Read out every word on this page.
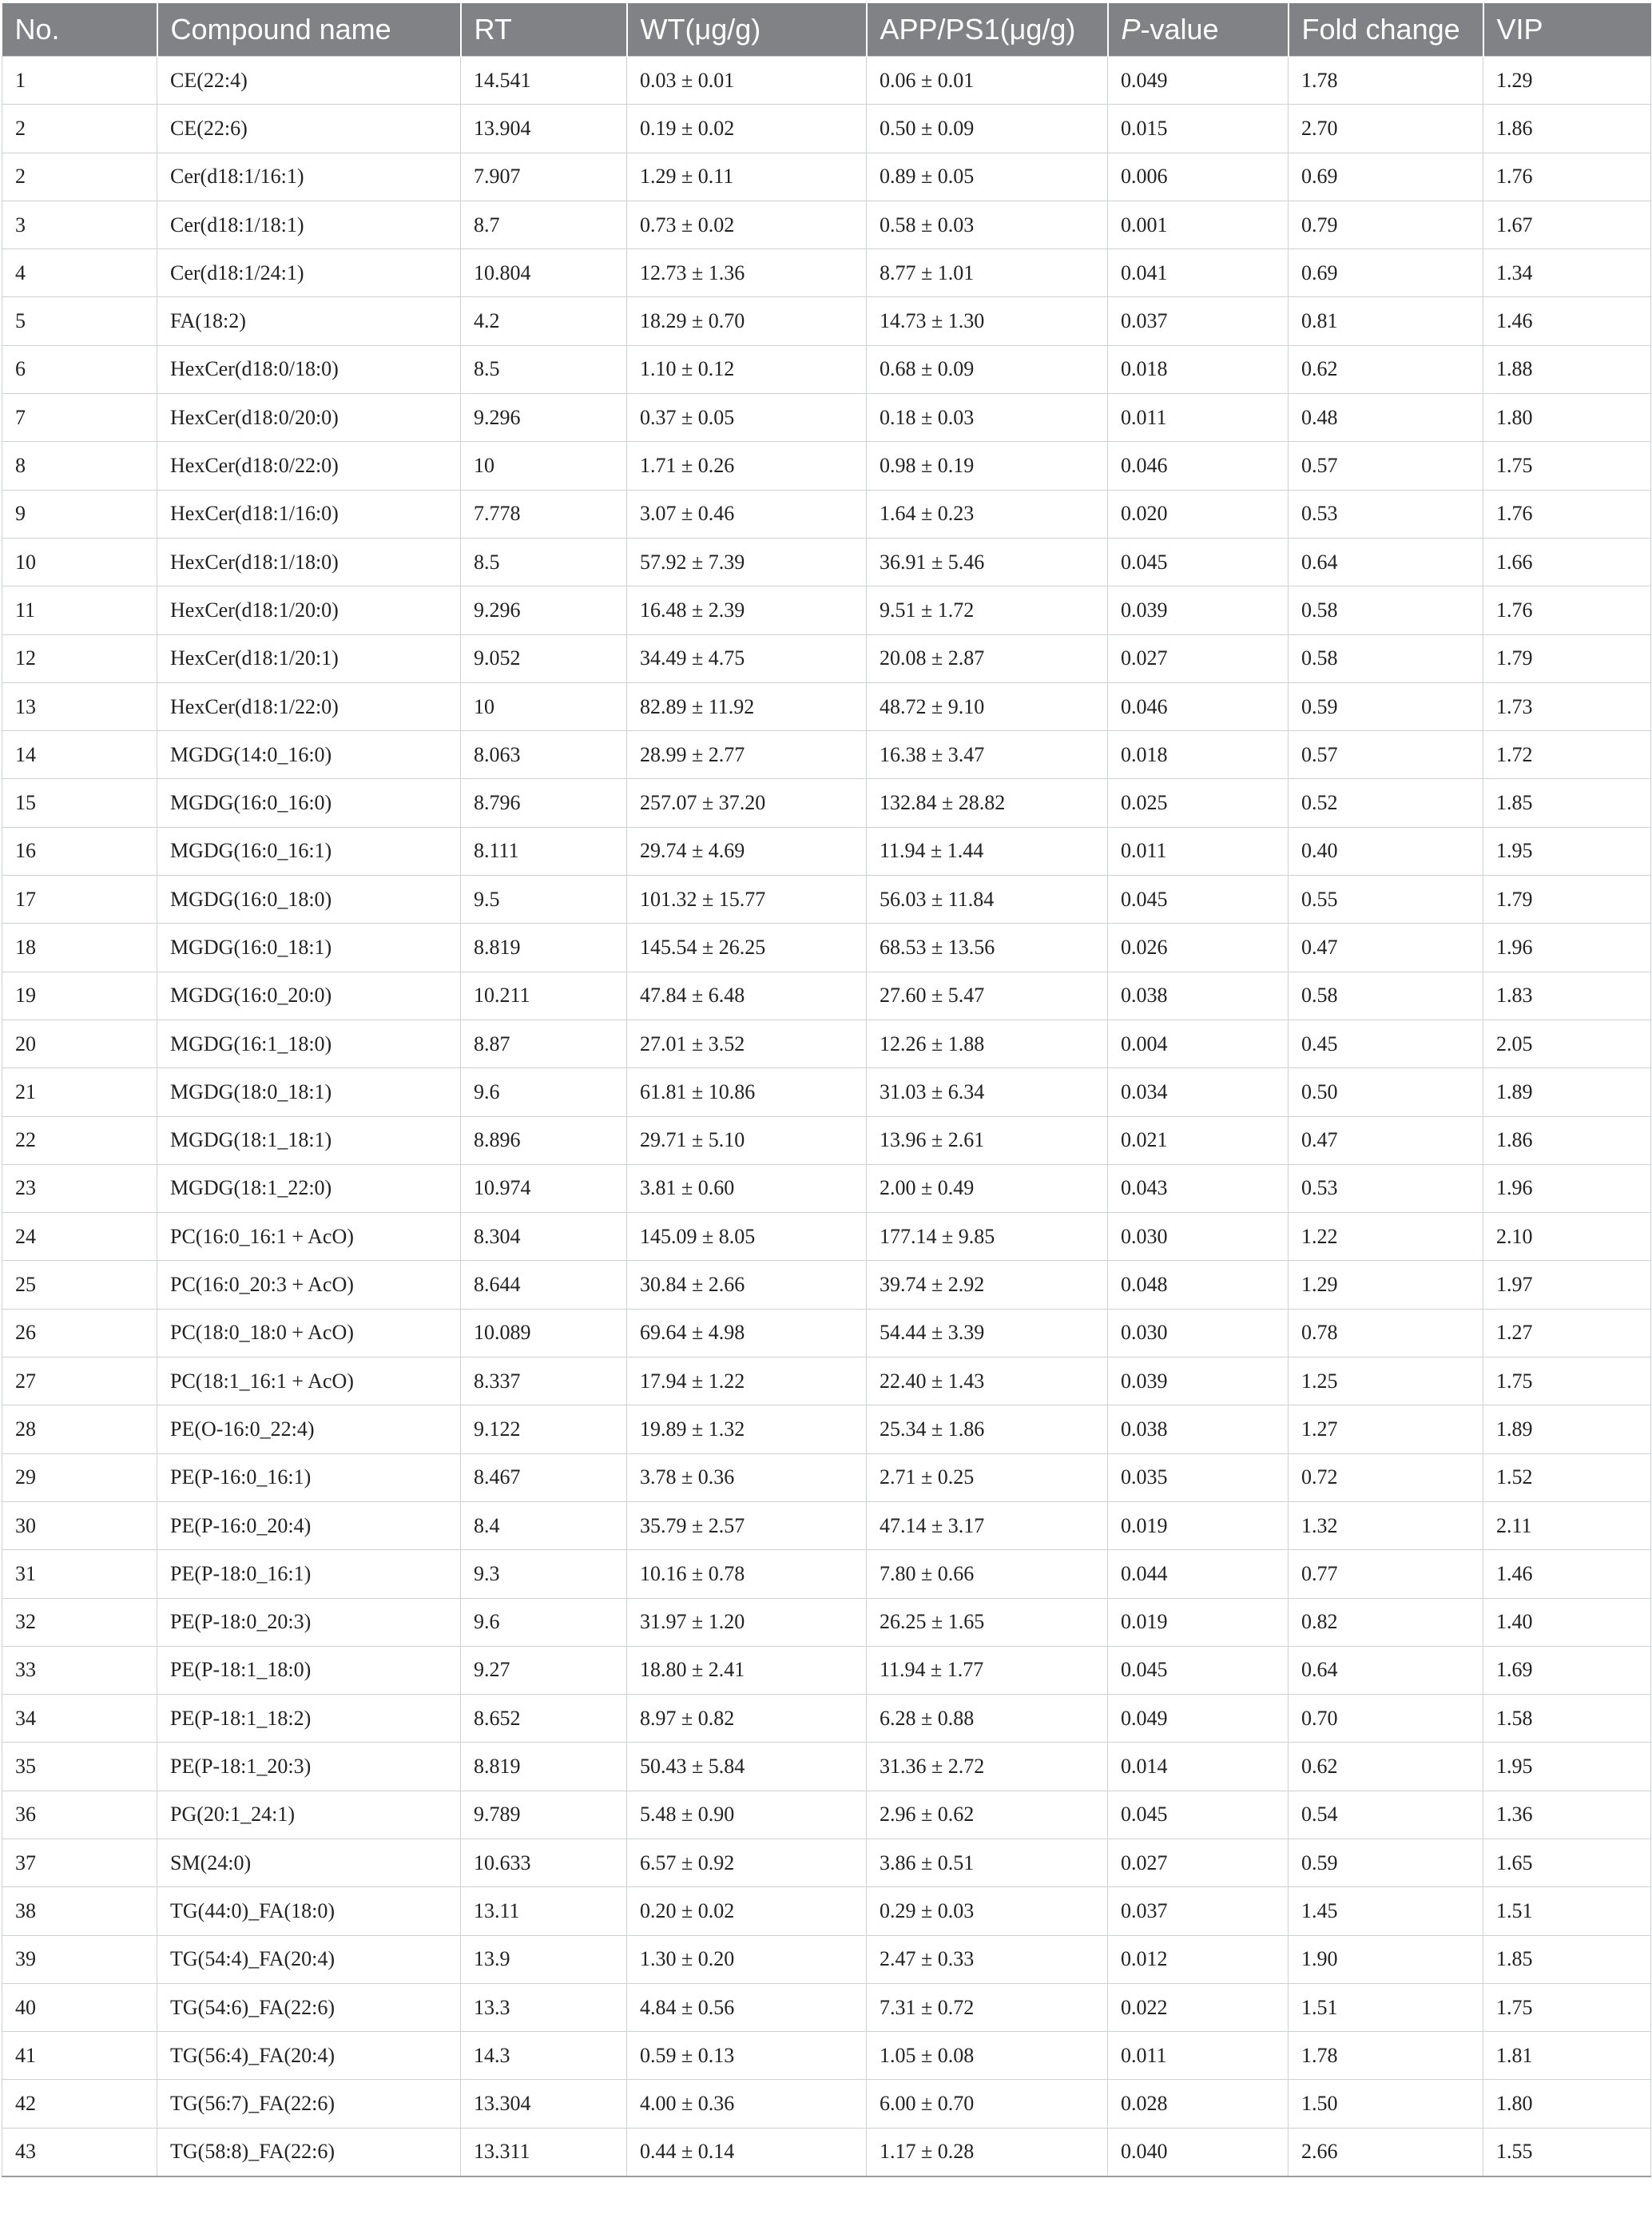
No.	Compound name	RT	WT(μg/g)	APP/PS1(μg/g)	P-value	Fold change	VIP
1	CE(22:4)	14.541	0.03 ± 0.01	0.06 ± 0.01	0.049	1.78	1.29
2	CE(22:6)	13.904	0.19 ± 0.02	0.50 ± 0.09	0.015	2.70	1.86
2	Cer(d18:1/16:1)	7.907	1.29 ± 0.11	0.89 ± 0.05	0.006	0.69	1.76
3	Cer(d18:1/18:1)	8.7	0.73 ± 0.02	0.58 ± 0.03	0.001	0.79	1.67
4	Cer(d18:1/24:1)	10.804	12.73 ± 1.36	8.77 ± 1.01	0.041	0.69	1.34
5	FA(18:2)	4.2	18.29 ± 0.70	14.73 ± 1.30	0.037	0.81	1.46
6	HexCer(d18:0/18:0)	8.5	1.10 ± 0.12	0.68 ± 0.09	0.018	0.62	1.88
7	HexCer(d18:0/20:0)	9.296	0.37 ± 0.05	0.18 ± 0.03	0.011	0.48	1.80
8	HexCer(d18:0/22:0)	10	1.71 ± 0.26	0.98 ± 0.19	0.046	0.57	1.75
9	HexCer(d18:1/16:0)	7.778	3.07 ± 0.46	1.64 ± 0.23	0.020	0.53	1.76
10	HexCer(d18:1/18:0)	8.5	57.92 ± 7.39	36.91 ± 5.46	0.045	0.64	1.66
11	HexCer(d18:1/20:0)	9.296	16.48 ± 2.39	9.51 ± 1.72	0.039	0.58	1.76
12	HexCer(d18:1/20:1)	9.052	34.49 ± 4.75	20.08 ± 2.87	0.027	0.58	1.79
13	HexCer(d18:1/22:0)	10	82.89 ± 11.92	48.72 ± 9.10	0.046	0.59	1.73
14	MGDG(14:0_16:0)	8.063	28.99 ± 2.77	16.38 ± 3.47	0.018	0.57	1.72
15	MGDG(16:0_16:0)	8.796	257.07 ± 37.20	132.84 ± 28.82	0.025	0.52	1.85
16	MGDG(16:0_16:1)	8.111	29.74 ± 4.69	11.94 ± 1.44	0.011	0.40	1.95
17	MGDG(16:0_18:0)	9.5	101.32 ± 15.77	56.03 ± 11.84	0.045	0.55	1.79
18	MGDG(16:0_18:1)	8.819	145.54 ± 26.25	68.53 ± 13.56	0.026	0.47	1.96
19	MGDG(16:0_20:0)	10.211	47.84 ± 6.48	27.60 ± 5.47	0.038	0.58	1.83
20	MGDG(16:1_18:0)	8.87	27.01 ± 3.52	12.26 ± 1.88	0.004	0.45	2.05
21	MGDG(18:0_18:1)	9.6	61.81 ± 10.86	31.03 ± 6.34	0.034	0.50	1.89
22	MGDG(18:1_18:1)	8.896	29.71 ± 5.10	13.96 ± 2.61	0.021	0.47	1.86
23	MGDG(18:1_22:0)	10.974	3.81 ± 0.60	2.00 ± 0.49	0.043	0.53	1.96
24	PC(16:0_16:1 + AcO)	8.304	145.09 ± 8.05	177.14 ± 9.85	0.030	1.22	2.10
25	PC(16:0_20:3 + AcO)	8.644	30.84 ± 2.66	39.74 ± 2.92	0.048	1.29	1.97
26	PC(18:0_18:0 + AcO)	10.089	69.64 ± 4.98	54.44 ± 3.39	0.030	0.78	1.27
27	PC(18:1_16:1 + AcO)	8.337	17.94 ± 1.22	22.40 ± 1.43	0.039	1.25	1.75
28	PE(O-16:0_22:4)	9.122	19.89 ± 1.32	25.34 ± 1.86	0.038	1.27	1.89
29	PE(P-16:0_16:1)	8.467	3.78 ± 0.36	2.71 ± 0.25	0.035	0.72	1.52
30	PE(P-16:0_20:4)	8.4	35.79 ± 2.57	47.14 ± 3.17	0.019	1.32	2.11
31	PE(P-18:0_16:1)	9.3	10.16 ± 0.78	7.80 ± 0.66	0.044	0.77	1.46
32	PE(P-18:0_20:3)	9.6	31.97 ± 1.20	26.25 ± 1.65	0.019	0.82	1.40
33	PE(P-18:1_18:0)	9.27	18.80 ± 2.41	11.94 ± 1.77	0.045	0.64	1.69
34	PE(P-18:1_18:2)	8.652	8.97 ± 0.82	6.28 ± 0.88	0.049	0.70	1.58
35	PE(P-18:1_20:3)	8.819	50.43 ± 5.84	31.36 ± 2.72	0.014	0.62	1.95
36	PG(20:1_24:1)	9.789	5.48 ± 0.90	2.96 ± 0.62	0.045	0.54	1.36
37	SM(24:0)	10.633	6.57 ± 0.92	3.86 ± 0.51	0.027	0.59	1.65
38	TG(44:0)_FA(18:0)	13.11	0.20 ± 0.02	0.29 ± 0.03	0.037	1.45	1.51
39	TG(54:4)_FA(20:4)	13.9	1.30 ± 0.20	2.47 ± 0.33	0.012	1.90	1.85
40	TG(54:6)_FA(22:6)	13.3	4.84 ± 0.56	7.31 ± 0.72	0.022	1.51	1.75
41	TG(56:4)_FA(20:4)	14.3	0.59 ± 0.13	1.05 ± 0.08	0.011	1.78	1.81
42	TG(56:7)_FA(22:6)	13.304	4.00 ± 0.36	6.00 ± 0.70	0.028	1.50	1.80
43	TG(58:8)_FA(22:6)	13.311	0.44 ± 0.14	1.17 ± 0.28	0.040	2.66	1.55
